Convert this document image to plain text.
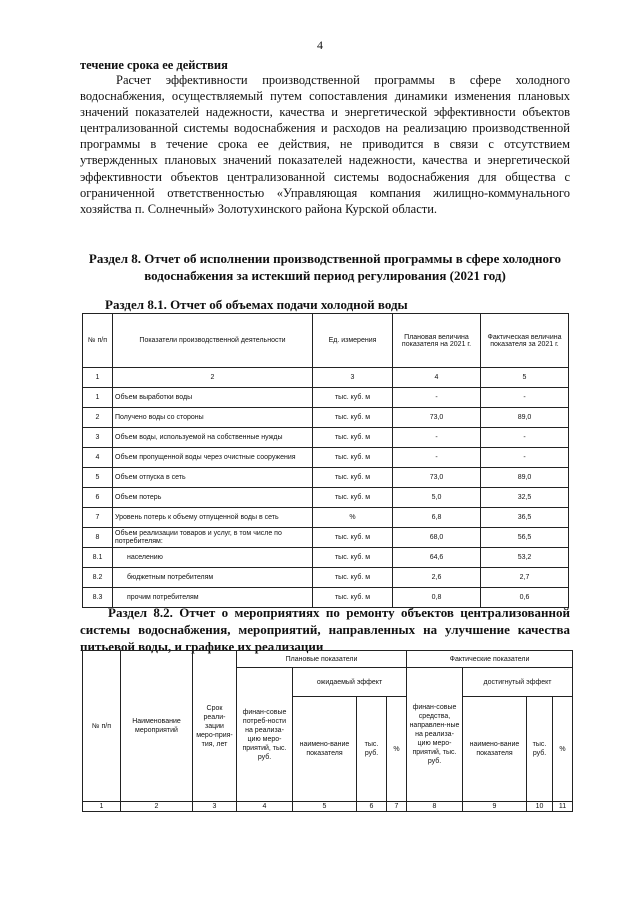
4
течение срока ее действия
Расчет эффективности производственной программы в сфере холодного водоснабжения, осуществляемый путем сопоставления динамики изменения плановых значений показателей надежности, качества и энергетической эффективности объектов централизованной системы водоснабжения и расходов на реализацию производственной программы в течение срока ее действия, не приводится в связи с отсутствием утвержденных плановых значений показателей надежности, качества и энергетической эффективности объектов централизованной системы водоснабжения для общества с ограниченной ответственностью «Управляющая компания жилищно-коммунального хозяйства п. Солнечный» Золотухинского района Курской области.
Раздел 8. Отчет об исполнении производственной программы в сфере холодного водоснабжения за истекший период регулирования (2021 год)
Раздел 8.1. Отчет об объемах подачи холодной воды
№ п/п	Показатели производственной деятельности	Ед. измерения	Плановая величина показателя на 2021 г.	Фактическая величина показателя за 2021 г.
1	2	3	4	5
1	Объем выработки воды	тыс. куб. м	-	-
2	Получено воды со стороны	тыс. куб. м	73,0	89,0
3	Объем воды, используемой на собственные нужды	тыс. куб. м	-	-
4	Объем пропущенной воды через очистные сооружения	тыс. куб. м	-	-
5	Объем отпуска в сеть	тыс. куб. м	73,0	89,0
6	Объем потерь	тыс. куб. м	5,0	32,5
7	Уровень потерь к объему отпущенной воды в сеть	%	6,8	36,5
8	Объем реализации товаров и услуг, в том числе по потребителям:	тыс. куб. м	68,0	56,5
8.1	населению	тыс. куб. м	64,6	53,2
8.2	бюджетным потребителям	тыс. куб. м	2,6	2,7
8.3	прочим потребителям	тыс. куб. м	0,8	0,6
Раздел 8.2. Отчет о мероприятиях по ремонту объектов централизованной системы водоснабжения, мероприятий, направленных на улучшение качества питьевой воды, и графике их реализации
№ п/п	Наименование мероприятий	Срок реали-зации меро-прия-тия, лет	Плановые показатели				Фактические показатели			
			финан-совые потреб-ности на реализа-цию меро-приятий, тыс. руб.	ожидаемый эффект			финан-совые средства, направлен-ные на реализа-цию меро-приятий, тыс. руб.	достигнутый эффект		
				наимено-вание показателя	тыс. руб.	%		наимено-вание показателя	тыс. руб.	%
1	2	3	4	5	6	7	8	9	10	11
